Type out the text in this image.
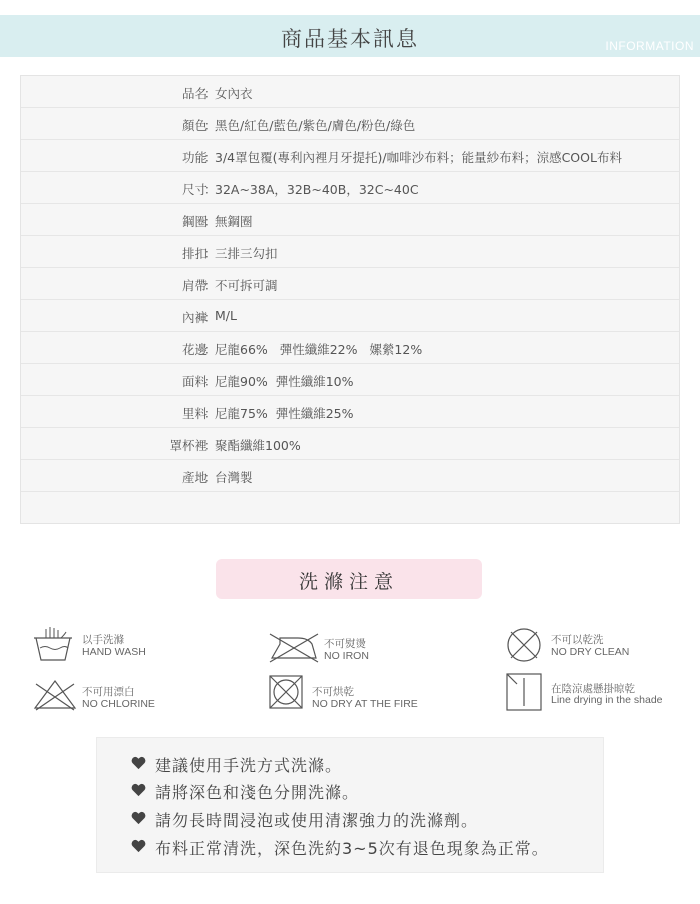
商品基本訊息	INFORMATION
品名
：
女內衣
顏色
：
黑色/紅色/藍色/紫色/膚色/粉色/綠色
功能
：
3/4罩包覆(專利內裡月牙提托)/咖啡沙布料；能量紗布料；涼感COOL布料
尺寸
：
32A~38A，32B~40B，32C~40C
鋼圈
：
無鋼圈
排扣
：
三排三勾扣
肩帶
：
不可拆可調
內褲
：
M/L
花邊
：
尼龍66%   彈性纖維22%   嫘縈12%
面料
：
尼龍90%  彈性纖維10%
里料
：
尼龍75%  彈性纖維25%
罩杯裡
：
聚酯纖維100%
產地
：
台灣製
洗滌注意
以手洗滌
HAND WASH
不可熨燙
NO IRON
不可以乾洗
NO DRY CLEAN
不可用漂白
NO CHLORINE
不可烘乾
NO DRY AT THE FIRE
在陰涼處懸掛晾乾
Line drying in the shade
建議使用手洗方式洗滌。
請將深色和淺色分開洗滌。
請勿長時間浸泡或使用清潔強力的洗滌劑。
布料正常清洗，深色洗約3~5次有退色現象為正常。
